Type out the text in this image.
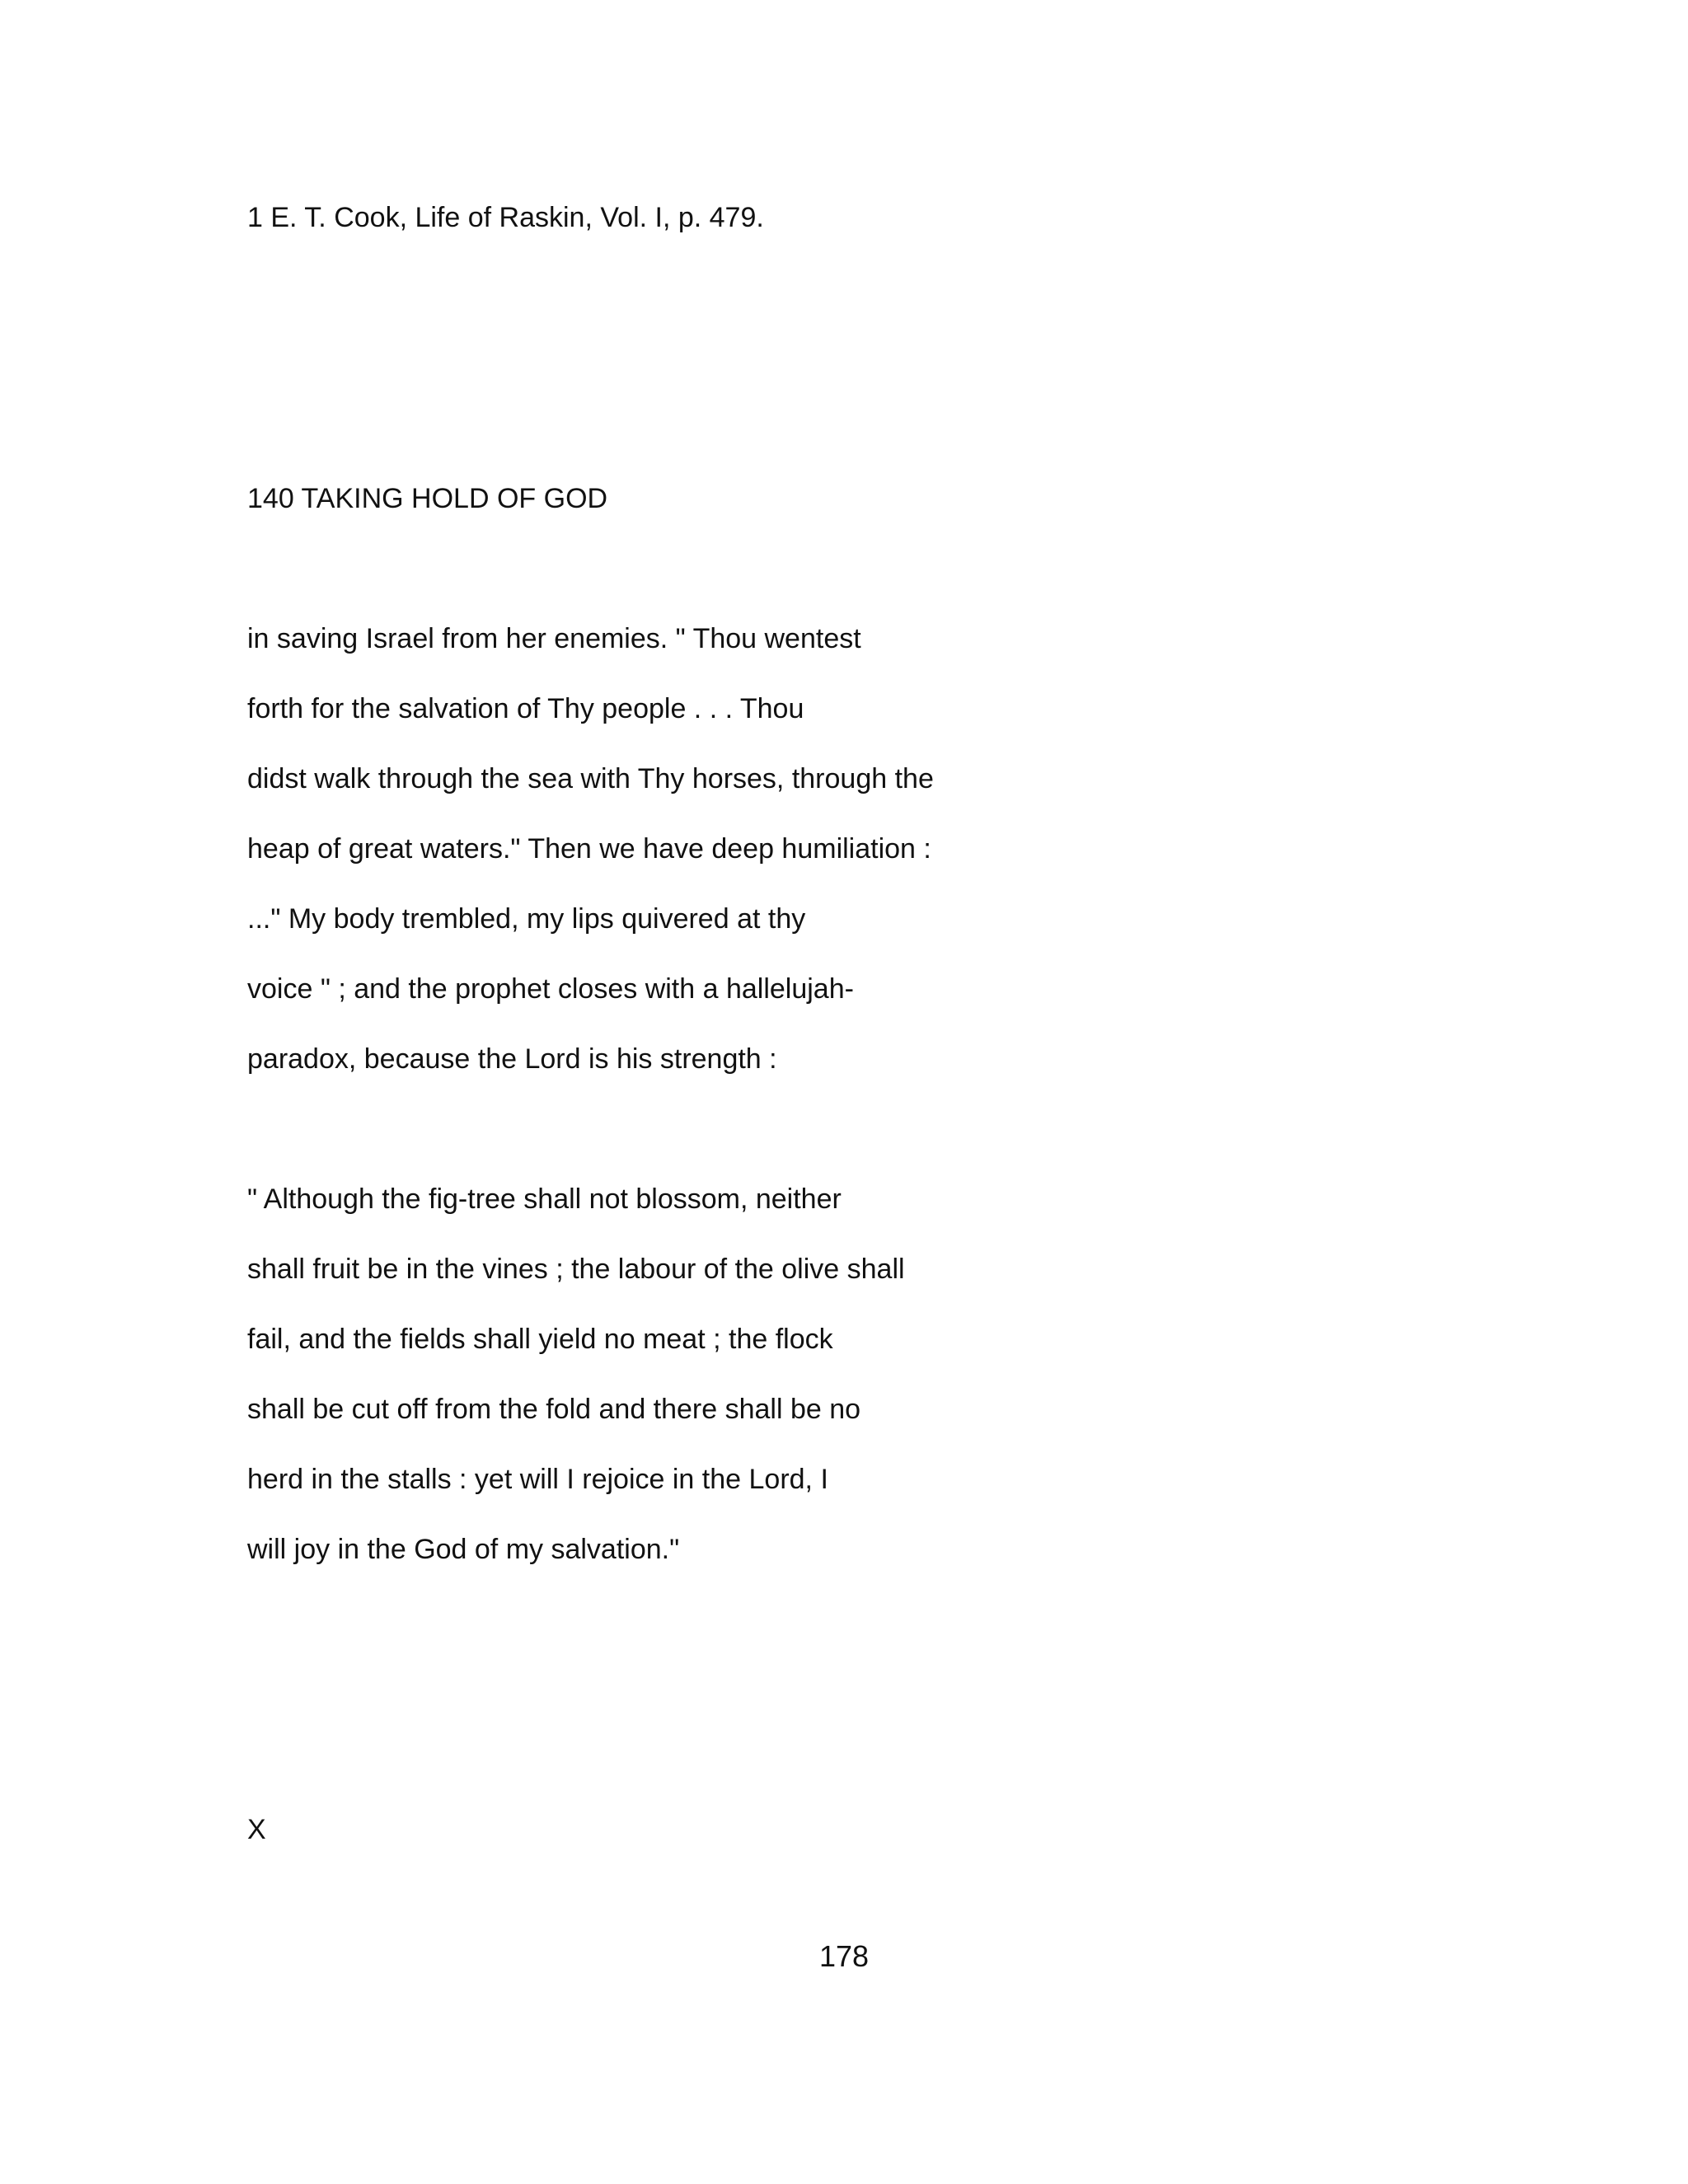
1 E. T. Cook, Life of Raskin, Vol. I, p. 479.
140 TAKING HOLD OF GOD
in saving Israel from her enemies. " Thou wentest
forth for the salvation of Thy people . . . Thou
didst walk through the sea with Thy horses, through the
heap of great waters." Then we have deep humiliation :
..." My body trembled, my lips quivered at thy
voice " ; and the prophet closes with a hallelujah-
paradox, because the Lord is his strength :
" Although the fig-tree shall not blossom, neither
shall fruit be in the vines ; the labour of the olive shall
fail, and the fields shall yield no meat ; the flock
shall be cut off from the fold and there shall be no
herd in the stalls : yet will I rejoice in the Lord, I
will joy in the God of my salvation."
X
178
